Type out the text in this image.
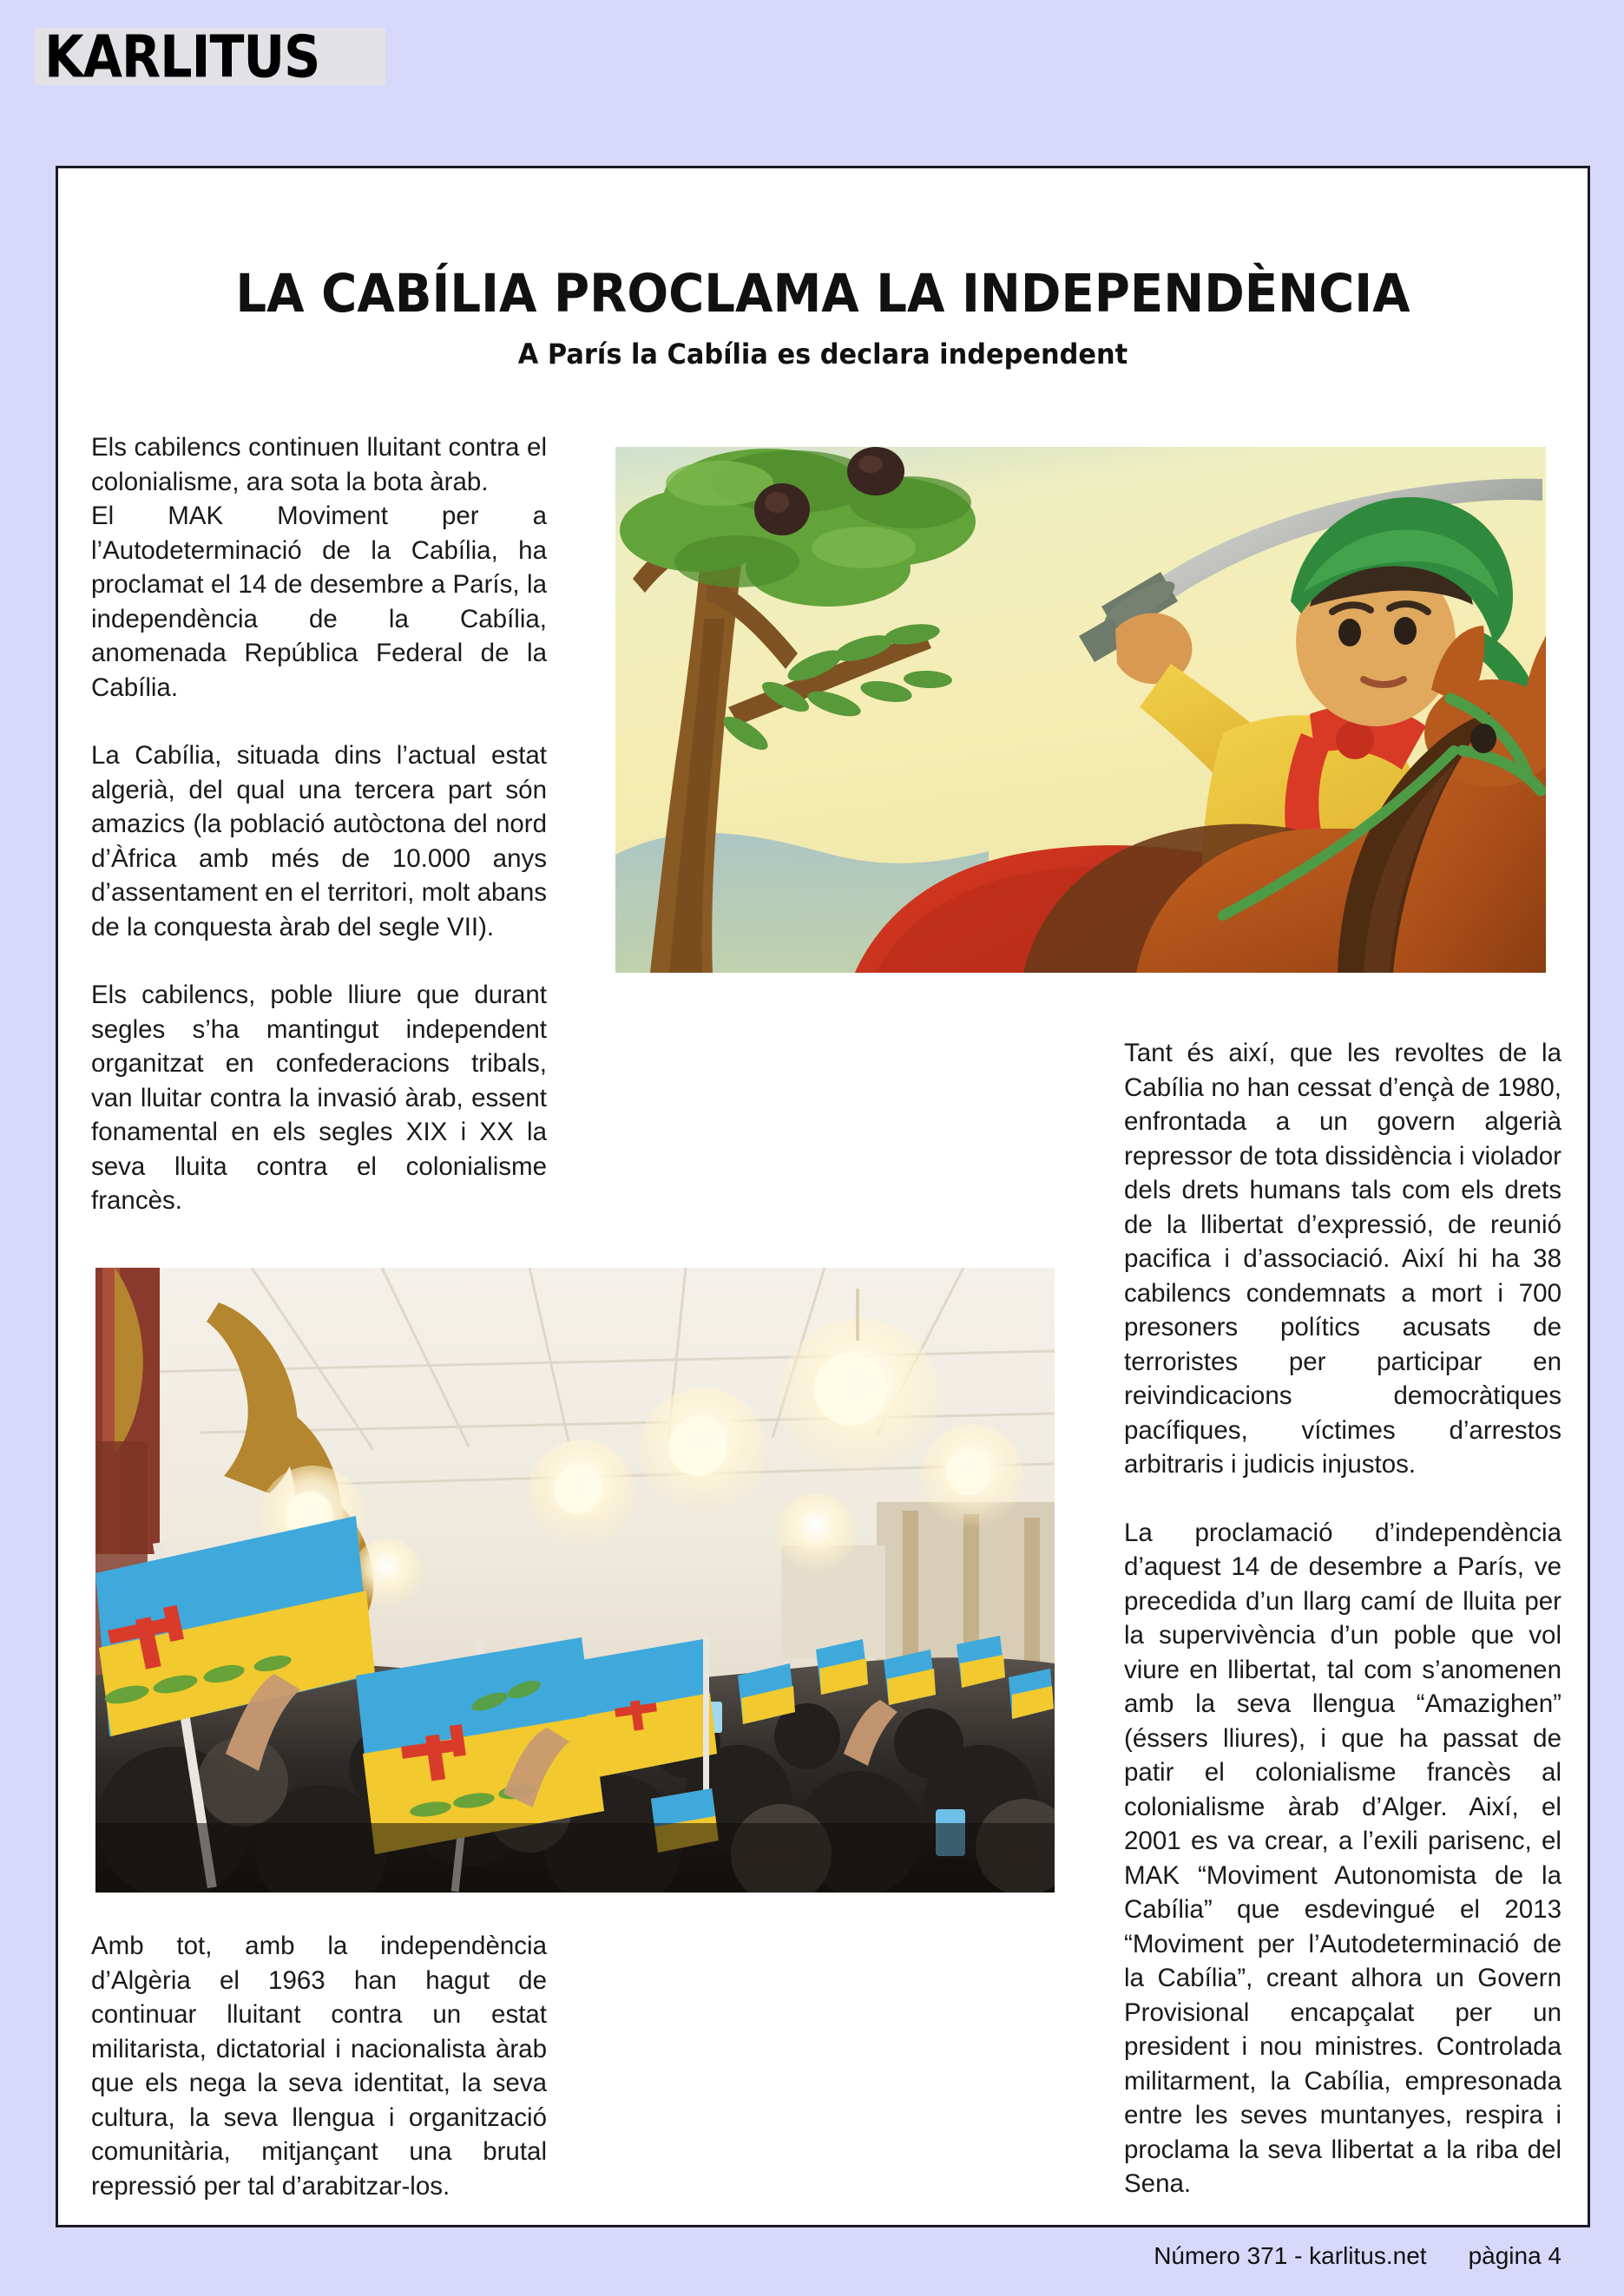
KARLITUS
LA CABÍLIA PROCLAMA LA INDEPENDÈNCIA
A París la Cabília es declara independent

Els cabilencs continuen lluitant contra el colonialisme, ara sota la bota àrab.

El MAK Moviment per a l’Autodeterminació de la Cabília, ha proclamat el 14 de desembre a París, la independència de la Cabília, anomenada República Federal de la Cabília.

La Cabília, situada dins l’actual estat algerià, del qual una tercera part són amazics (la població autòctona del nord d’Àfrica amb més de 10.000 anys d’assentament en el territori, molt abans de la conquesta àrab del segle VII).

Els cabilencs, poble lliure que durant segles s’ha mantingut independent organitzat en confederacions tribals, van lluitar contra la invasió àrab, essent fonamental en els segles XIX i XX la seva lluita contra el colonialisme francès.

Amb tot, amb la independència d’Algèria el 1963 han hagut de continuar lluitant contra un estat militarista, dictatorial i nacionalista àrab que els nega la seva identitat, la seva cultura, la seva llengua i organització comunitària, mitjançant una brutal repressió per tal d’arabitzar-los.

Tant és així, que les revoltes de la Cabília no han cessat d’ençà de 1980, enfrontada a un govern algerià repressor de tota dissidència i violador dels drets humans tals com els drets de la llibertat d’expressió, de reunió pacifica i d’associació. Així hi ha 38 cabilencs condemnats a mort i 700 presoners polítics acusats de terroristes per participar en reivindicacions democràtiques pacífiques, víctimes d’arrestos arbitraris i judicis injustos.

La proclamació d’independència d’aquest 14 de desembre a París, ve precedida d’un llarg camí de lluita per la supervivència d’un poble que vol viure en llibertat, tal com s’anomenen amb la seva llengua “Amazighen” (éssers lliures), i que ha passat de patir el colonialisme francès al colonialisme àrab d’Alger. Així, el 2001 es va crear, a l’exili parisenc, el MAK “Moviment Autonomista de la Cabília” que esdevingué el 2013 “Moviment per l’Autodeterminació de la Cabília”, creant alhora un Govern Provisional encapçalat per un president i nou ministres. Controlada militarment, la Cabília, empresonada entre les seves muntanyes, respira i proclama la seva llibertat a la riba del Sena.

Número 371 - karlitus.net pàgina 4
